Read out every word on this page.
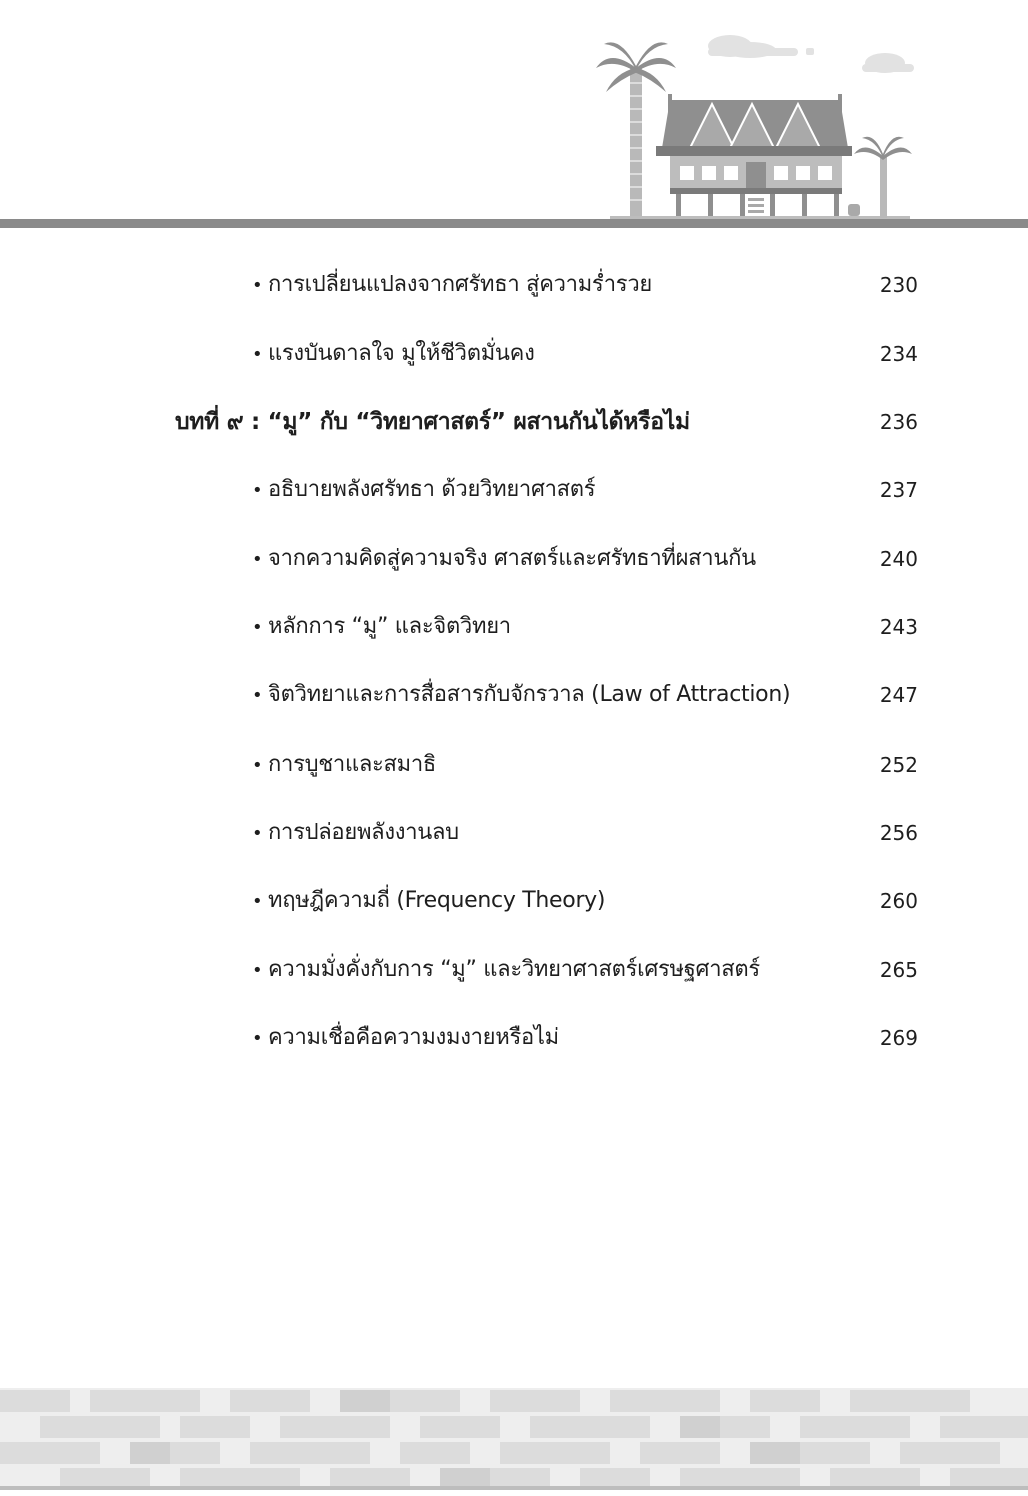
• การเปลี่ยนแปลงจากศรัทธา สู่ความร่ำรวย	230
• แรงบันดาลใจ มูให้ชีวิตมั่นคง	234
บทที่ ๙ : “มู” กับ “วิทยาศาสตร์” ผสานกันได้หรือไม่	236
• อธิบายพลังศรัทธา ด้วยวิทยาศาสตร์	237
• จากความคิดสู่ความจริง ศาสตร์และศรัทธาที่ผสานกัน	240
• หลักการ “มู” และจิตวิทยา	243
• จิตวิทยาและการสื่อสารกับจักรวาล (Law of Attraction)	247
• การบูชาและสมาธิ	252
• การปล่อยพลังงานลบ	256
• ทฤษฎีความถี่ (Frequency Theory)	260
• ความมั่งคั่งกับการ “มู” และวิทยาศาสตร์เศรษฐศาสตร์	265
• ความเชื่อคือความงมงายหรือไม่	269
